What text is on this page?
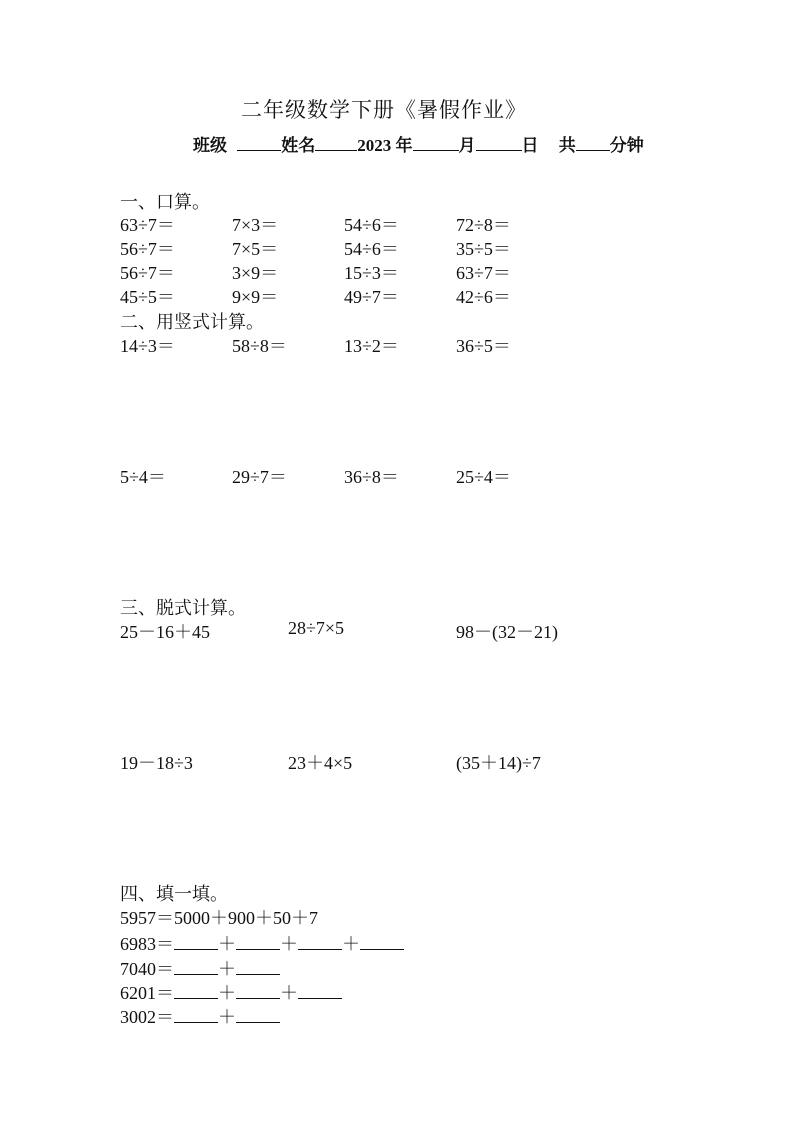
二年级数学下册《暑假作业》
班级	姓名 2023 年	月	日 共 分钟
一、口算。
63÷7＝	7×3＝	54÷6＝	72÷8＝
56÷7＝	7×5＝	54÷6＝	35÷5＝
56÷7＝	3×9＝	15÷3＝	63÷7＝
45÷5＝	9×9＝	49÷7＝	42÷6＝
二、用竖式计算。
14÷3＝	58÷8＝	13÷2＝	36÷5＝
5÷4＝	29÷7＝	36÷8＝	25÷4＝
三、脱式计算。
25－16＋45	28÷7×5	98－(32－21)
19－18÷3	23＋4×5	(35＋14)÷7
四、填一填。
5957＝5000＋900＋50＋7
6983＝ ＋ ＋ ＋
7040＝ ＋
6201＝ ＋ ＋
3002＝ ＋
